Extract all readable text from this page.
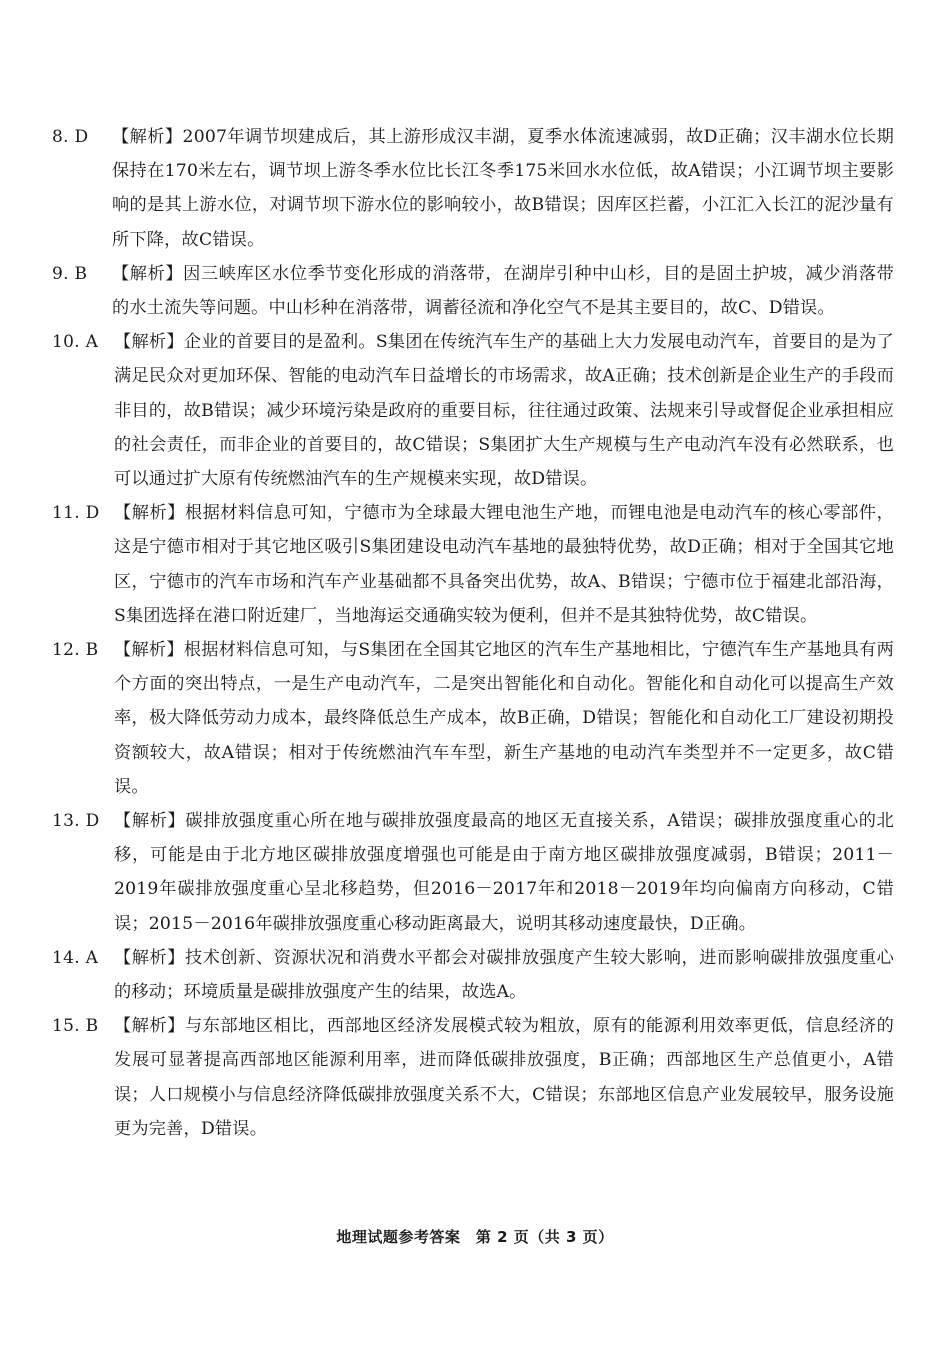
8. D	【解析】2007年调节坝建成后，其上游形成汉丰湖，夏季水体流速减弱，故D正确；汉丰湖水位长期保持在170米左右，调节坝上游冬季水位比长江冬季175米回水水位低，故A错误；小江调节坝主要影响的是其上游水位，对调节坝下游水位的影响较小，故B错误；因库区拦蓄，小江汇入长江的泥沙量有所下降，故C错误。
9. B	【解析】因三峡库区水位季节变化形成的消落带，在湖岸引种中山杉，目的是固土护坡，减少消落带的水土流失等问题。中山杉种在消落带，调蓄径流和净化空气不是其主要目的，故C、D错误。
10. A 【解析】企业的首要目的是盈利。S集团在传统汽车生产的基础上大力发展电动汽车，首要目的是为了满足民众对更加环保、智能的电动汽车日益增长的市场需求，故A正确；技术创新是企业生产的手段而非目的，故B错误；减少环境污染是政府的重要目标，往往通过政策、法规来引导或督促企业承担相应的社会责任，而非企业的首要目的，故C错误；S集团扩大生产规模与生产电动汽车没有必然联系，也可以通过扩大原有传统燃油汽车的生产规模来实现，故D错误。
11. D 【解析】根据材料信息可知，宁德市为全球最大锂电池生产地，而锂电池是电动汽车的核心零部件，这是宁德市相对于其它地区吸引S集团建设电动汽车基地的最独特优势，故D正确；相对于全国其它地区，宁德市的汽车市场和汽车产业基础都不具备突出优势，故A、B错误；宁德市位于福建北部沿海，S集团选择在港口附近建厂，当地海运交通确实较为便利，但并不是其独特优势，故C错误。
12. B 【解析】根据材料信息可知，与S集团在全国其它地区的汽车生产基地相比，宁德汽车生产基地具有两个方面的突出特点，一是生产电动汽车，二是突出智能化和自动化。智能化和自动化可以提高生产效率，极大降低劳动力成本，最终降低总生产成本，故B正确，D错误；智能化和自动化工厂建设初期投资额较大，故A错误；相对于传统燃油汽车车型，新生产基地的电动汽车类型并不一定更多，故C错误。
13. D 【解析】碳排放强度重心所在地与碳排放强度最高的地区无直接关系，A错误；碳排放强度重心的北移，可能是由于北方地区碳排放强度增强也可能是由于南方地区碳排放强度减弱，B错误；2011－2019年碳排放强度重心呈北移趋势，但2016－2017年和2018－2019年均向偏南方向移动，C错误；2015－2016年碳排放强度重心移动距离最大，说明其移动速度最快，D正确。
14. A 【解析】技术创新、资源状况和消费水平都会对碳排放强度产生较大影响，进而影响碳排放强度重心的移动；环境质量是碳排放强度产生的结果，故选A。
15. B 【解析】与东部地区相比，西部地区经济发展模式较为粗放，原有的能源利用效率更低，信息经济的发展可显著提高西部地区能源利用率，进而降低碳排放强度，B正确；西部地区生产总值更小，A错误；人口规模小与信息经济降低碳排放强度关系不大，C错误；东部地区信息产业发展较早，服务设施更为完善，D错误。
地理试题参考答案　第 2 页（共 3 页）
